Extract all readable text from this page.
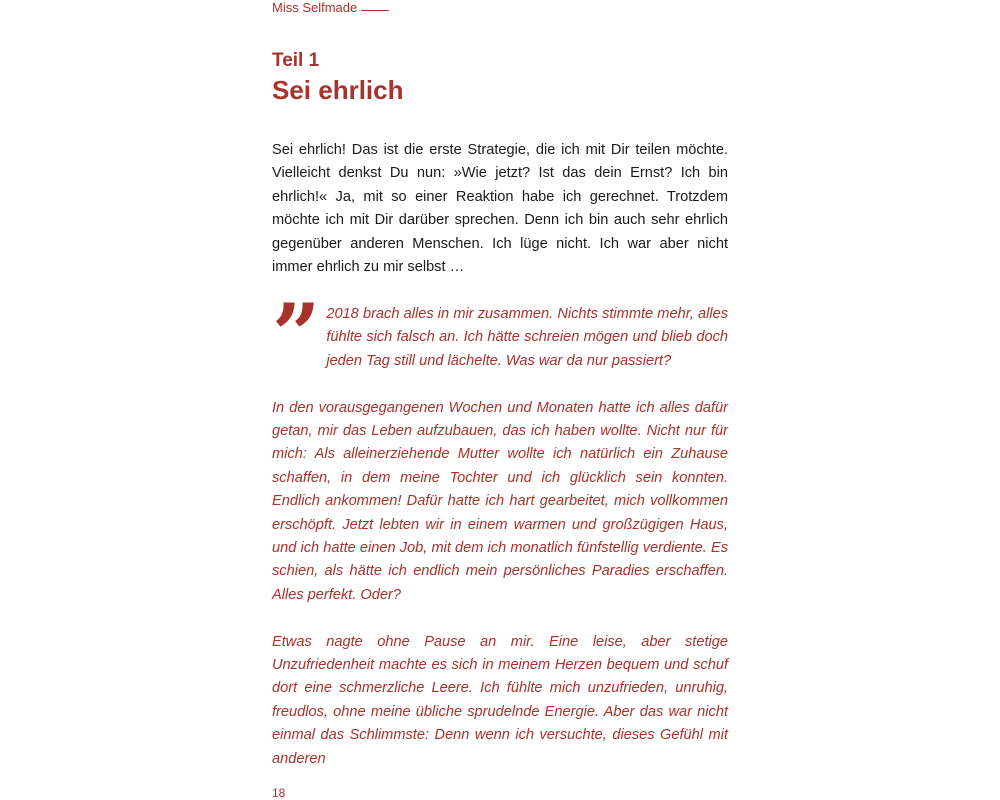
Miss Selfmade
Teil 1
Sei ehrlich

Sei ehrlich! Das ist die erste Strategie, die ich mit Dir teilen möchte. Vielleicht denkst Du nun: »Wie jetzt? Ist das dein Ernst? Ich bin ehrlich!« Ja, mit so einer Reaktion habe ich gerechnet. Trotzdem möchte ich mit Dir darüber sprechen. Denn ich bin auch sehr ehrlich gegenüber anderen Menschen. Ich lüge nicht. Ich war aber nicht immer ehrlich zu mir selbst …

” 2018 brach alles in mir zusammen. Nichts stimmte mehr, alles fühlte sich falsch an. Ich hätte schreien mögen und blieb doch jeden Tag still und lächelte. Was war da nur passiert?

In den vorausgegangenen Wochen und Monaten hatte ich alles dafür getan, mir das Leben aufzubauen, das ich haben wollte. Nicht nur für mich: Als alleinerziehende Mutter wollte ich natürlich ein Zuhause schaffen, in dem meine Tochter und ich glücklich sein konnten. Endlich ankommen! Dafür hatte ich hart gearbeitet, mich vollkommen erschöpft. Jetzt lebten wir in einem warmen und großzügigen Haus, und ich hatte einen Job, mit dem ich monatlich fünfstellig verdiente. Es schien, als hätte ich endlich mein persönliches Paradies erschaffen. Alles perfekt. Oder?

Etwas nagte ohne Pause an mir. Eine leise, aber stetige Unzufriedenheit machte es sich in meinem Herzen bequem und schuf dort eine schmerzliche Leere. Ich fühlte mich unzufrieden, unruhig, freudlos, ohne meine übliche sprudelnde Energie. Aber das war nicht einmal das Schlimmste: Denn wenn ich versuchte, dieses Gefühl mit anderen

18
